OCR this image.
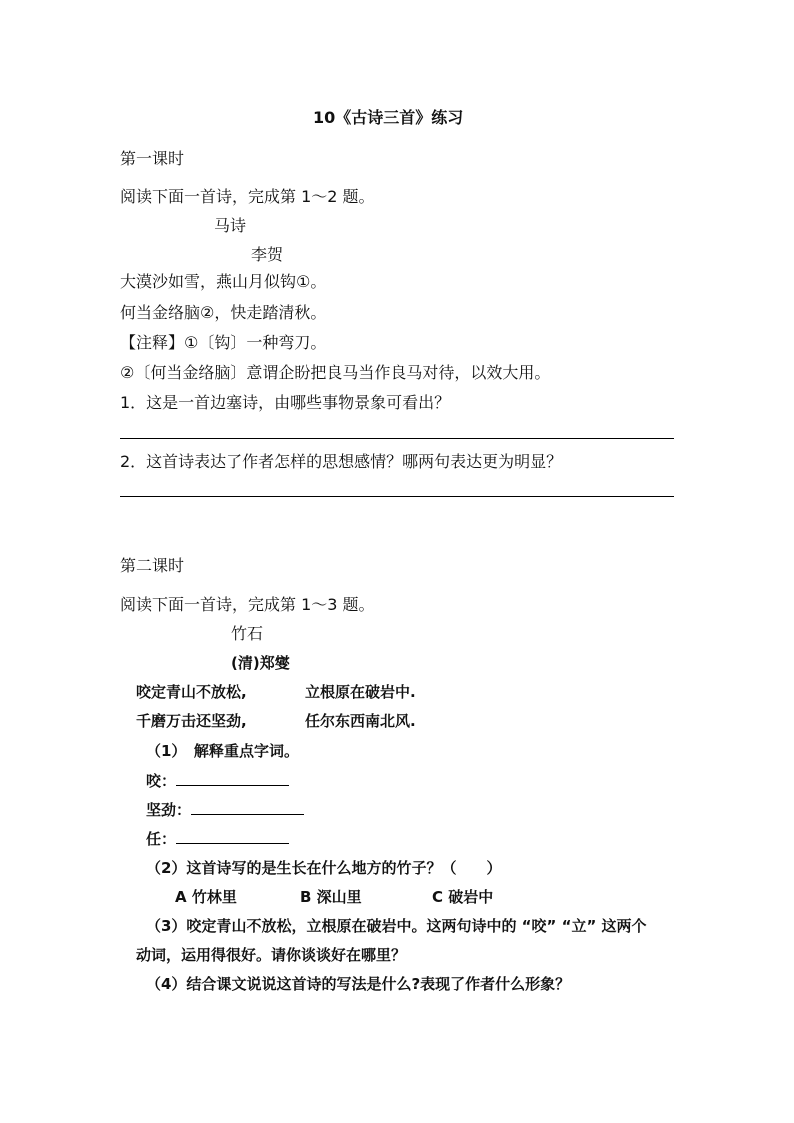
10《古诗三首》练习
第一课时
阅读下面一首诗，完成第 1～2 题。
马诗
李贺
大漠沙如雪，燕山月似钩①。
何当金络脑②，快走踏清秋。
【注释】①〔钩〕一种弯刀。
②〔何当金络脑〕意谓企盼把良马当作良马对待，以效大用。
1．这是一首边塞诗，由哪些事物景象可看出？
2．这首诗表达了作者怎样的思想感情？哪两句表达更为明显？
第二课时
阅读下面一首诗，完成第 1～3 题。
竹石
(清)郑燮
咬定青山不放松,	立根原在破岩中.
千磨万击还坚劲,	任尔东西南北风.
（1）　解释重点字词。
咬：
坚劲：
任：
（2）这首诗写的是生长在什么地方的竹子？（　　）
A 竹林里	B 深山里	C 破岩中
（3）咬定青山不放松，立根原在破岩中。这两句诗中的 “咬” “立” 这两个
动词，运用得很好。请你谈谈好在哪里？
（4）结合课文说说这首诗的写法是什么?表现了作者什么形象？
